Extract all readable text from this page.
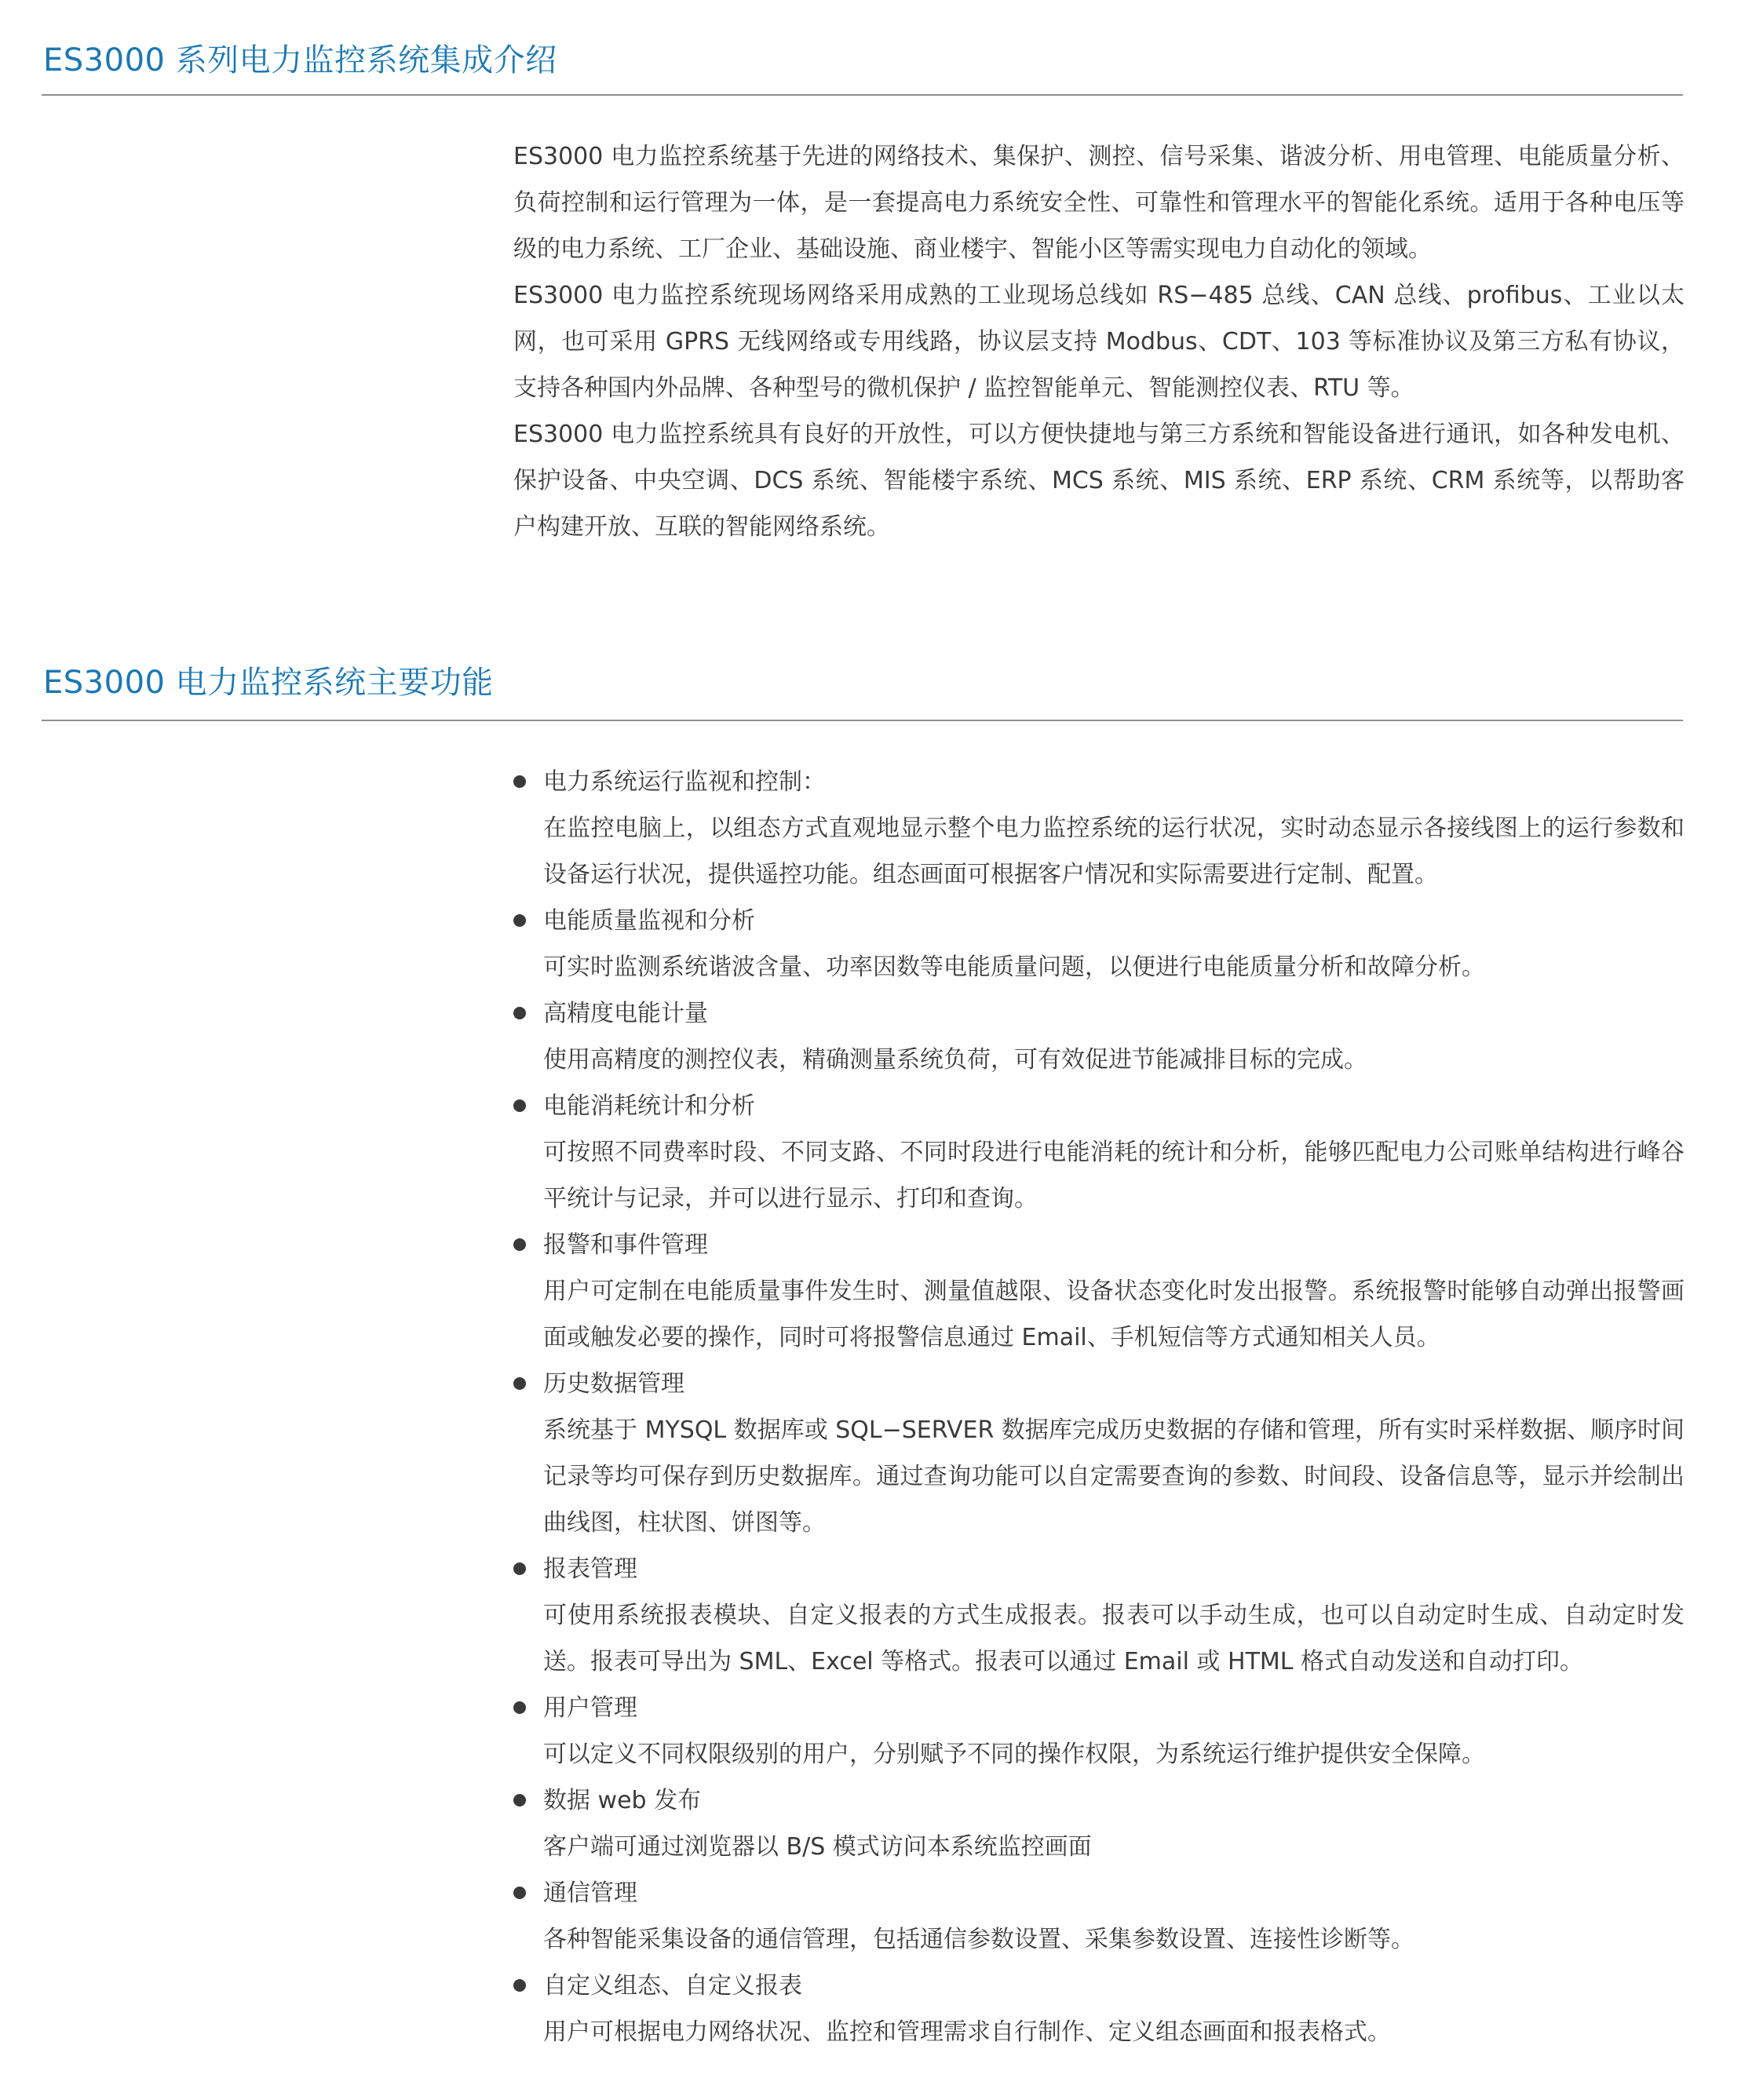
ES3000 系列电力监控系统集成介绍

ES3000 电力监控系统基于先进的网络技术、集保护、测控、信号采集、谐波分析、用电管理、电能质量分析、负荷控制和运行管理为一体，是一套提高电力系统安全性、可靠性和管理水平的智能化系统。适用于各种电压等级的电力系统、工厂企业、基础设施、商业楼宇、智能小区等需实现电力自动化的领域。

ES3000 电力监控系统现场网络采用成熟的工业现场总线如 RS−485 总线、CAN 总线、profibus、工业以太网，也可采用 GPRS 无线网络或专用线路，协议层支持 Modbus、CDT、103 等标准协议及第三方私有协议，支持各种国内外品牌、各种型号的微机保护 / 监控智能单元、智能测控仪表、RTU 等。

ES3000 电力监控系统具有良好的开放性，可以方便快捷地与第三方系统和智能设备进行通讯，如各种发电机、保护设备、中央空调、DCS 系统、智能楼宇系统、MCS 系统、MIS 系统、ERP 系统、CRM 系统等，以帮助客户构建开放、互联的智能网络系统。

ES3000 电力监控系统主要功能
电力系统运行监视和控制：
在监控电脑上，以组态方式直观地显示整个电力监控系统的运行状况，实时动态显示各接线图上的运行参数和设备运行状况，提供遥控功能。组态画面可根据客户情况和实际需要进行定制、配置。
电能质量监视和分析
可实时监测系统谐波含量、功率因数等电能质量问题，以便进行电能质量分析和故障分析。
高精度电能计量
使用高精度的测控仪表，精确测量系统负荷，可有效促进节能减排目标的完成。
电能消耗统计和分析
可按照不同费率时段、不同支路、不同时段进行电能消耗的统计和分析，能够匹配电力公司账单结构进行峰谷平统计与记录，并可以进行显示、打印和查询。
报警和事件管理
用户可定制在电能质量事件发生时、测量值越限、设备状态变化时发出报警。系统报警时能够自动弹出报警画面或触发必要的操作，同时可将报警信息通过 Email、手机短信等方式通知相关人员。
历史数据管理
系统基于 MYSQL 数据库或 SQL−SERVER 数据库完成历史数据的存储和管理，所有实时采样数据、顺序时间记录等均可保存到历史数据库。通过查询功能可以自定需要查询的参数、时间段、设备信息等，显示并绘制出曲线图，柱状图、饼图等。
报表管理
可使用系统报表模块、自定义报表的方式生成报表。报表可以手动生成，也可以自动定时生成、自动定时发送。报表可导出为 SML、Excel 等格式。报表可以通过 Email 或 HTML 格式自动发送和自动打印。
用户管理
可以定义不同权限级别的用户，分别赋予不同的操作权限，为系统运行维护提供安全保障。
数据 web 发布
客户端可通过浏览器以 B/S 模式访问本系统监控画面
通信管理
各种智能采集设备的通信管理，包括通信参数设置、采集参数设置、连接性诊断等。
自定义组态、自定义报表
用户可根据电力网络状况、监控和管理需求自行制作、定义组态画面和报表格式。
